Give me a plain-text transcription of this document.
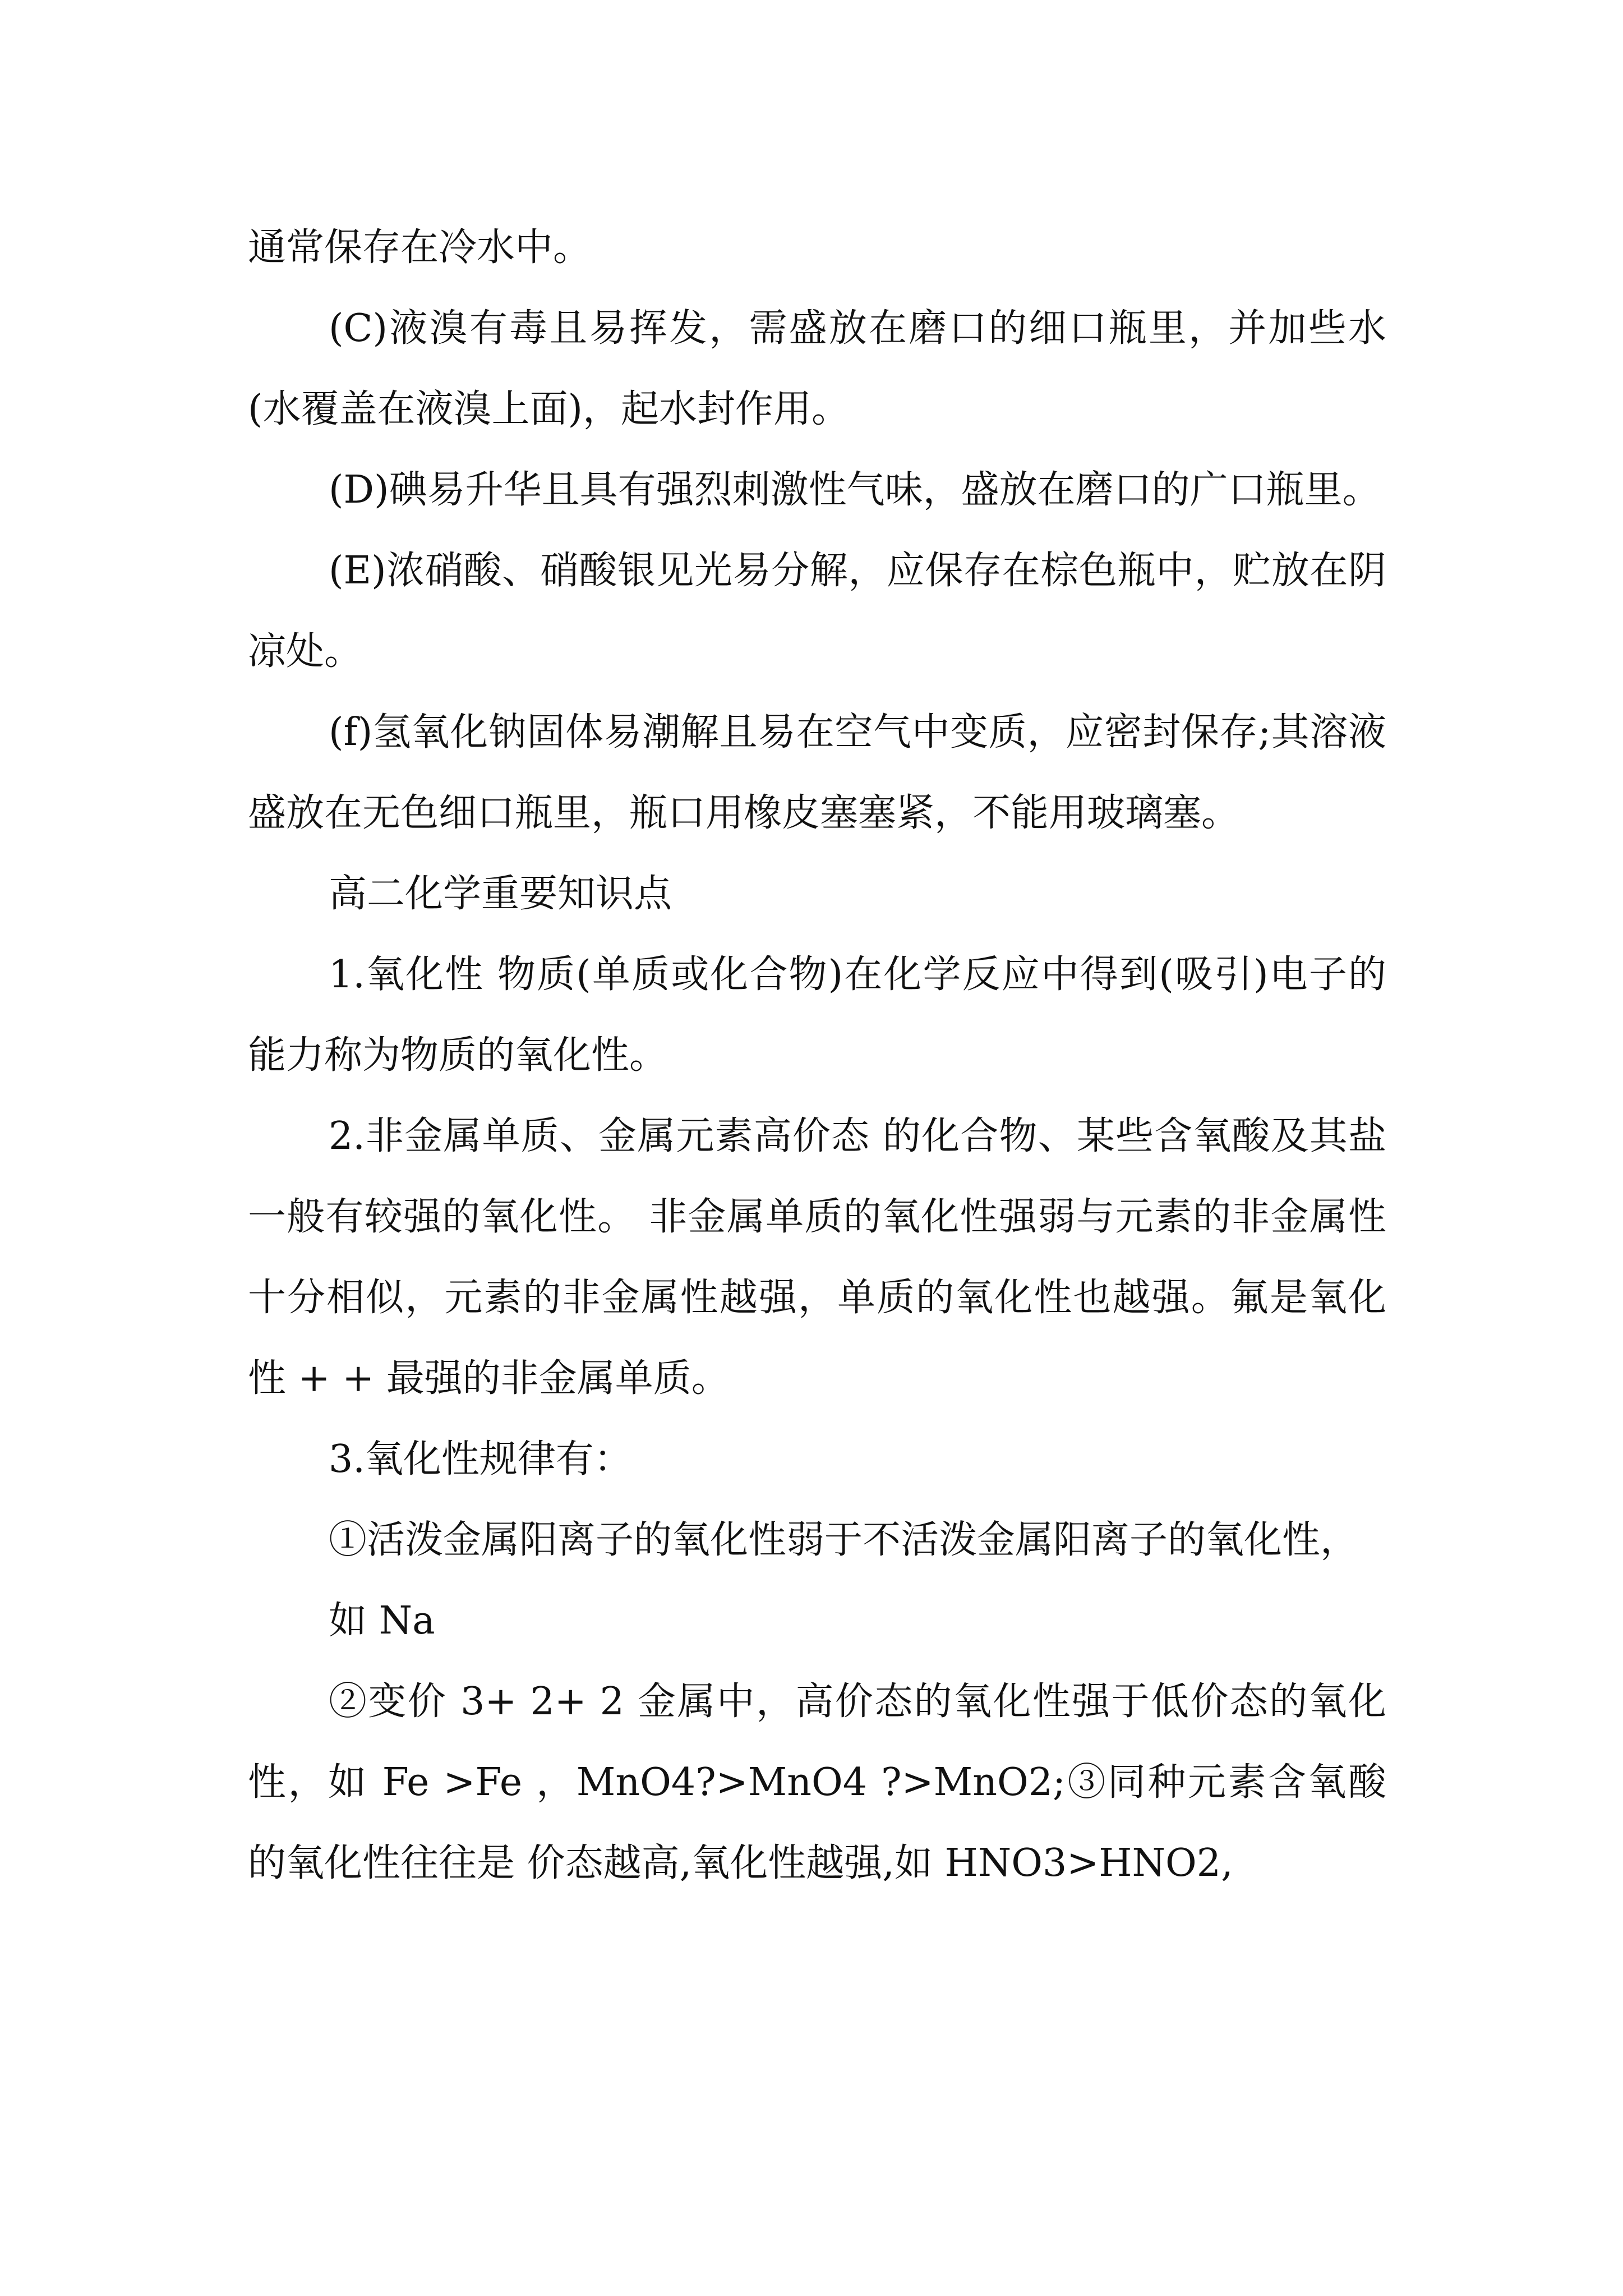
通常保存在冷水中。

(C)液溴有毒且易挥发，需盛放在磨口的细口瓶里，并加些水(水覆盖在液溴上面)，起水封作用。

(D)碘易升华且具有强烈刺激性气味，盛放在磨口的广口瓶里。

(E)浓硝酸、硝酸银见光易分解，应保存在棕色瓶中，贮放在阴凉处。

(f)氢氧化钠固体易潮解且易在空气中变质，应密封保存;其溶液盛放在无色细口瓶里，瓶口用橡皮塞塞紧，不能用玻璃塞。

高二化学重要知识点

1.氧化性 物质(单质或化合物)在化学反应中得到(吸引)电子的能力称为物质的氧化性。

2.非金属单质、金属元素高价态 的化合物、某些含氧酸及其盐一般有较强的氧化性。 非金属单质的氧化性强弱与元素的非金属性十分相似，元素的非金属性越强，单质的氧化性也越强。氟是氧化性 + + 最强的非金属单质。

3.氧化性规律有：

①活泼金属阳离子的氧化性弱于不活泼金属阳离子的氧化性，

如 Na

②变价 3+ 2+ 2 金属中，高价态的氧化性强于低价态的氧化性，如 Fe >Fe ，MnO4?>MnO4 ?>MnO2;③同种元素含氧酸的氧化性往往是 价态越高,氧化性越强,如 HNO3>HNO2,
